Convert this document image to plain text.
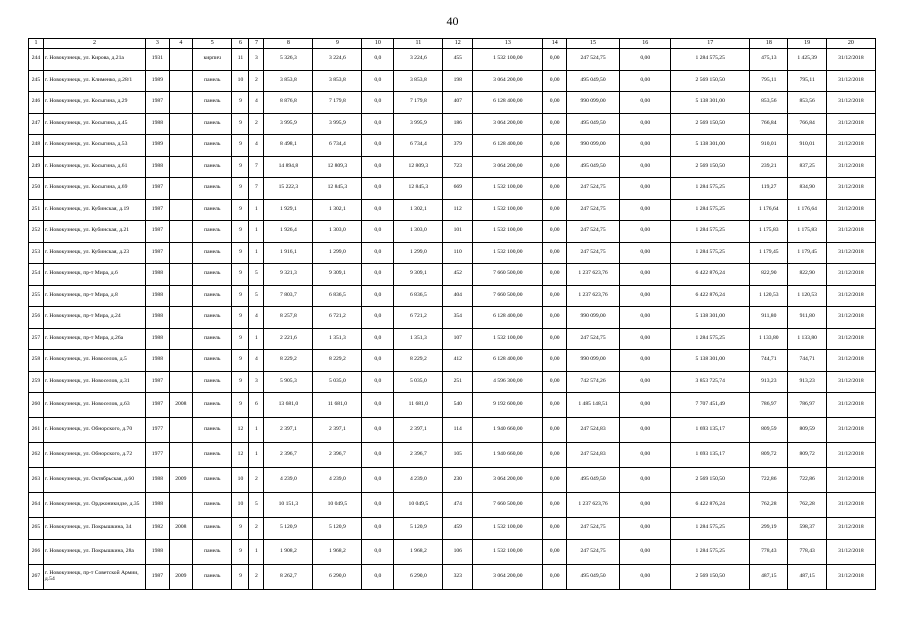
40
1	2	3	4	5	6	7	8	9	10	11	12	13	14	15	16	17	18	19	20
244	г. Новокузнецк, ул. Кирова, д.21а	1931		кирпич	11	3	5 326,3	3 224,6	0,0	3 224,6	455	1 532 100,00	0,00	247 524,75	0,00	1 284 575,25	475,13	1 425,39	31/12/2018
245	г. Новокузнецк, ул. Клименко, д.28/1	1989		панель	10	2	3 853,8	3 853,8	0,0	3 853,8	198	3 064 200,00	0,00	495 049,50	0,00	2 569 150,50	795,11	795,11	31/12/2018
246	г. Новокузнецк, ул. Косыгина, д.29	1987		панель	9	4	8 876,8	7 179,8	0,0	7 179,8	407	6 128 400,00	0,00	990 099,00	0,00	5 138 301,00	853,56	853,56	31/12/2018
247	г. Новокузнецк, ул. Косыгина, д.45	1988		панель	9	2	3 995,9	3 995,9	0,0	3 995,9	186	3 064 200,00	0,00	495 049,50	0,00	2 569 150,50	766,84	766,84	31/12/2018
248	г. Новокузнецк, ул. Косыгина, д.53	1989		панель	9	4	8 498,1	6 734,4	0,0	6 734,4	379	6 128 400,00	0,00	990 099,00	0,00	5 138 301,00	910,01	910,01	31/12/2018
249	г. Новокузнецк, ул. Косыгина, д.61	1988		панель	9	7	14 894,8	12 809,3	0,0	12 809,3	723	3 064 200,00	0,00	495 049,50	0,00	2 569 150,50	239,21	837,25	31/12/2018
250	г. Новокузнецк, ул. Косыгина, д.69	1987		панель	9	7	15 222,3	12 845,3	0,0	12 845,3	669	1 532 100,00	0,00	247 524,75	0,00	1 284 575,25	119,27	834,90	31/12/2018
251	г. Новокузнецк, ул. Кубинская, д.19	1987		панель	9	1	1 929,1	1 302,1	0,0	1 302,1	112	1 532 100,00	0,00	247 524,75	0,00	1 284 575,25	1 176,64	1 176,64	31/12/2018
252	г. Новокузнецк, ул. Кубинская, д.21	1987		панель	9	1	1 926,4	1 303,0	0,0	1 303,0	101	1 532 100,00	0,00	247 524,75	0,00	1 284 575,25	1 175,83	1 175,83	31/12/2018
253	г. Новокузнецк, ул. Кубинская, д.23	1987		панель	9	1	1 916,1	1 299,0	0,0	1 299,0	110	1 532 100,00	0,00	247 524,75	0,00	1 284 575,25	1 179,45	1 179,45	31/12/2018
254	г. Новокузнецк, пр-т Мира, д.6	1988		панель	9	5	9 321,3	9 309,1	0,0	9 309,1	452	7 660 500,00	0,00	1 237 623,76	0,00	6 422 876,24	822,90	822,90	31/12/2018
255	г. Новокузнецк, пр-т Мира, д.8	1988		панель	9	5	7 803,7	6 836,5	0,0	6 836,5	404	7 660 500,00	0,00	1 237 623,76	0,00	6 422 876,24	1 120,53	1 120,53	31/12/2018
256	г. Новокузнецк, пр-т Мира, д.24	1988		панель	9	4	8 257,8	6 721,2	0,0	6 721,2	354	6 128 400,00	0,00	990 099,00	0,00	5 138 301,00	911,80	911,80	31/12/2018
257	г. Новокузнецк, пр-т Мира, д.26а	1988		панель	9	1	2 221,6	1 351,3	0,0	1 351,3	107	1 532 100,00	0,00	247 524,75	0,00	1 284 575,25	1 133,80	1 133,80	31/12/2018
258	г. Новокузнецк, ул. Новоселов, д.5	1988		панель	9	4	8 229,2	8 229,2	0,0	8 229,2	412	6 128 400,00	0,00	990 099,00	0,00	5 138 301,00	744,71	744,71	31/12/2018
259	г. Новокузнецк, ул. Новоселов, д.31	1987		панель	9	3	5 905,3	5 035,0	0,0	5 035,0	251	4 596 300,00	0,00	742 574,26	0,00	3 853 725,74	913,23	913,23	31/12/2018
260	г. Новокузнецк, ул. Новоселов, д.63	1987	2008	панель	9	6	13 681,0	11 681,0	0,0	11 681,0	540	9 192 600,00	0,00	1 485 148,51	0,00	7 707 451,49	786,97	786,97	31/12/2018
261	г. Новокузнецк, ул. Обнорского, д.70	1977		панель	12	1	2 397,1	2 397,1	0,0	2 397,1	114	1 940 660,00	0,00	247 524,83	0,00	1 693 135,17	809,59	809,59	31/12/2018
262	г. Новокузнецк, ул. Обнорского, д.72	1977		панель	12	1	2 396,7	2 396,7	0,0	2 396,7	105	1 940 660,00	0,00	247 524,83	0,00	1 693 135,17	809,72	809,72	31/12/2018
263	г. Новокузнецк, ул. Октябрьская, д.60	1988	2009	панель	10	2	4 239,0	4 239,0	0,0	4 239,0	230	3 064 200,00	0,00	495 049,50	0,00	2 569 150,50	722,86	722,86	31/12/2018
264	г. Новокузнецк, ул. Орджоникидзе, д.35	1988		панель	10	5	10 151,3	10 049,5	0,0	10 049,5	474	7 660 500,00	0,00	1 237 623,76	0,00	6 422 876,24	762,28	762,28	31/12/2018
265	г. Новокузнецк, ул. Покрышкина, 34	1982	2008	панель	9	2	5 120,9	5 120,9	0,0	5 120,9	459	1 532 100,00	0,00	247 524,75	0,00	1 284 575,25	299,19	598,37	31/12/2018
266	г. Новокузнецк, ул. Покрышкина, 28а	1988		панель	9	1	1 908,2	1 968,2	0,0	1 968,2	106	1 532 100,00	0,00	247 524,75	0,00	1 284 575,25	778,43	778,43	31/12/2018
267	г. Новокузнецк, пр-т Советской Армии, д.54	1987	2009	панель	9	2	8 262,7	6 290,0	0,0	6 290,0	323	3 064 200,00	0,00	495 049,50	0,00	2 569 150,50	487,15	487,15	31/12/2018
